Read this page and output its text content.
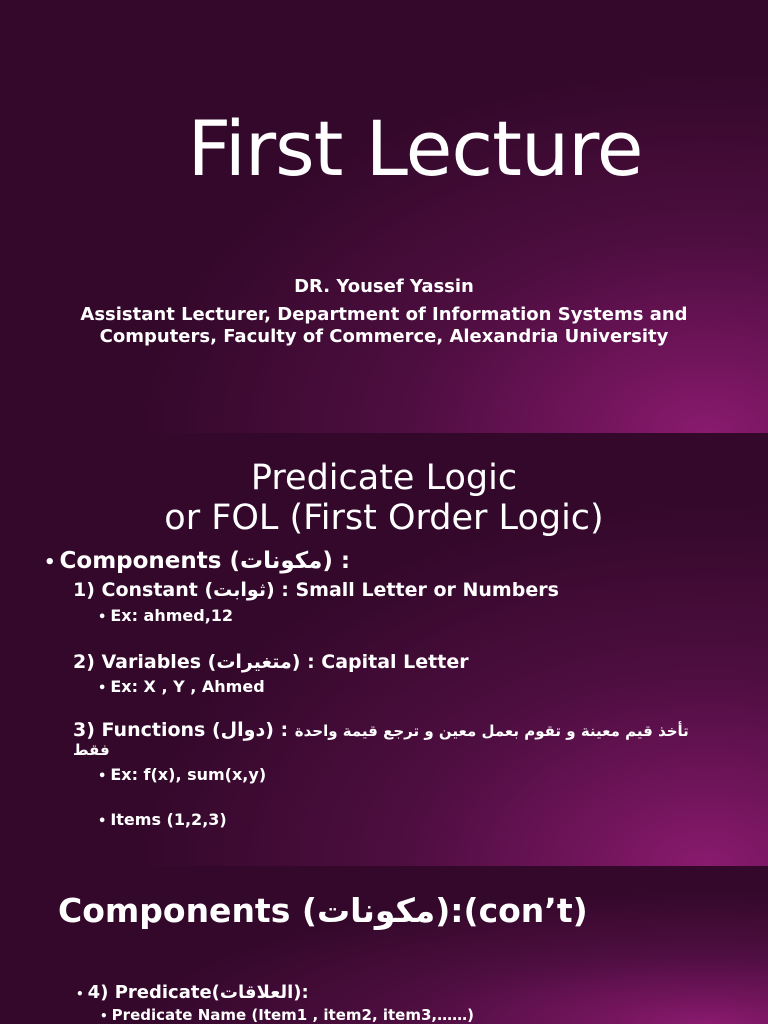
First Lecture
DR. Yousef Yassin
Assistant Lecturer, Department of Information Systems and
Computers, Faculty of Commerce, Alexandria University
Predicate Logic
or FOL (First Order Logic)
• Components (مكونات) :
1) Constant (ثوابت) : Small Letter or Numbers
• Ex: ahmed,12
2) Variables (متغيرات) : Capital Letter
• Ex: X , Y , Ahmed
3) Functions (دوال) : تأخذ قيم معينة و تقوم بعمل معين و ترجع قيمة واحدة فقط
• Ex: f(x), sum(x,y)
• Items (1,2,3)
Components (مكونات):(con’t)
• 4) Predicate(العلاقات):
• Predicate Name (Item1 , item2, item3,……)
